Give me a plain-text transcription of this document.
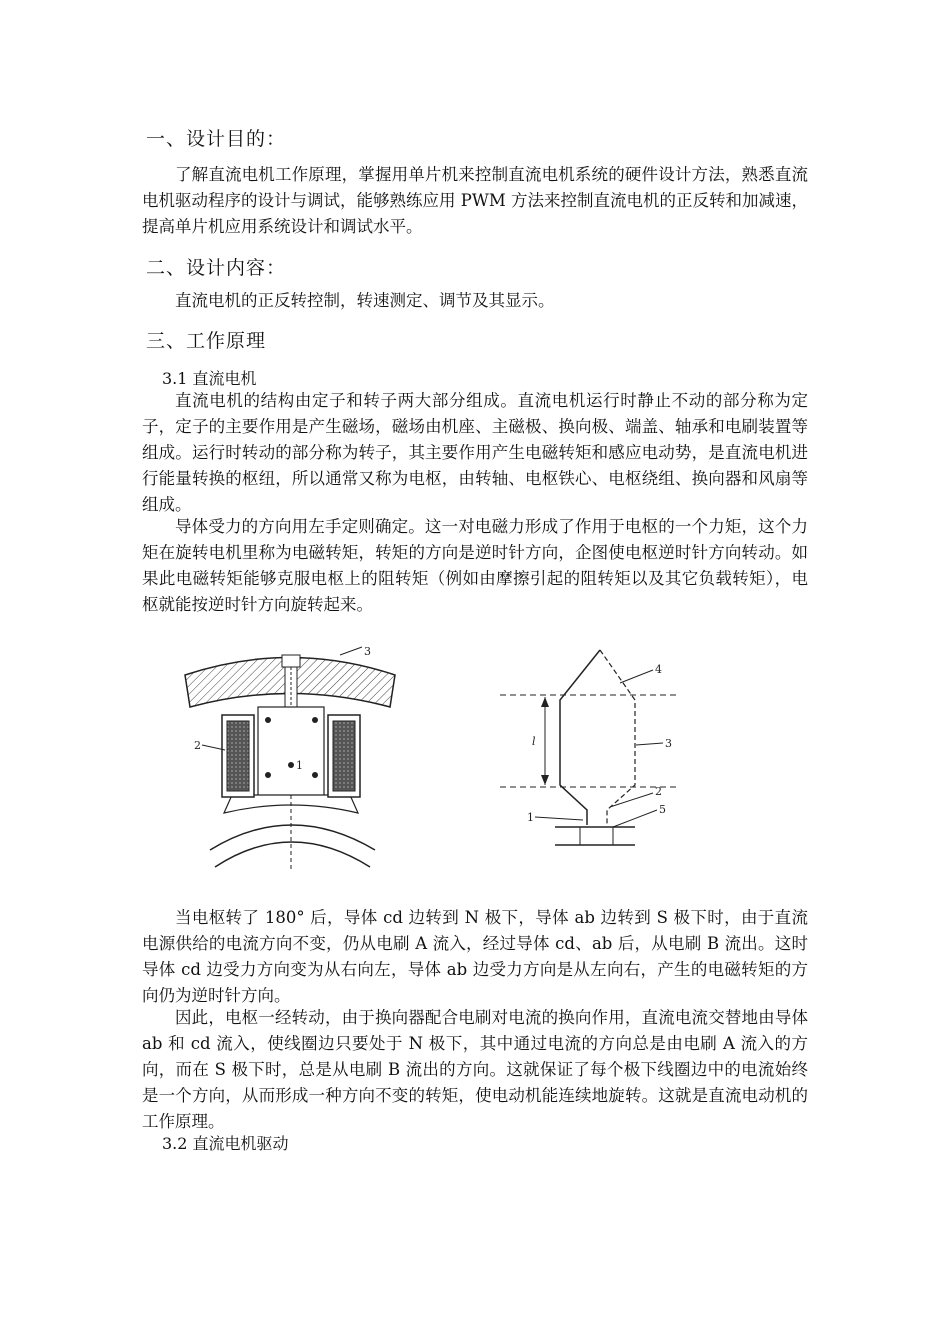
一、设计目的：

了解直流电机工作原理，掌握用单片机来控制直流电机系统的硬件设计方法，熟悉直流电机驱动程序的设计与调试，能够熟练应用 PWM 方法来控制直流电机的正反转和加减速，提高单片机应用系统设计和调试水平。

二、设计内容：

直流电机的正反转控制，转速测定、调节及其显示。

三、工作原理
3.1 直流电机

直流电机的结构由定子和转子两大部分组成。直流电机运行时静止不动的部分称为定子，定子的主要作用是产生磁场，磁场由机座、主磁极、换向极、端盖、轴承和电刷装置等组成。运行时转动的部分称为转子，其主要作用产生电磁转矩和感应电动势，是直流电机进行能量转换的枢纽，所以通常又称为电枢，由转轴、电枢铁心、电枢绕组、换向器和风扇等组成。

导体受力的方向用左手定则确定。这一对电磁力形成了作用于电枢的一个力矩，这个力矩在旋转电机里称为电磁转矩，转矩的方向是逆时针方向，企图使电枢逆时针方向转动。如果此电磁转矩能够克服电枢上的阻转矩（例如由摩擦引起的阻转矩以及其它负载转矩），电枢就能按逆时针方向旋转起来。

3
2
1
4
3
l
2
5
1

当电枢转了 180° 后，导体 cd 边转到 N 极下，导体 ab 边转到 S 极下时，由于直流电源供给的电流方向不变，仍从电刷 A 流入，经过导体 cd、ab 后，从电刷 B 流出。这时导体 cd 边受力方向变为从右向左，导体 ab 边受力方向是从左向右，产生的电磁转矩的方向仍为逆时针方向。

因此，电枢一经转动，由于换向器配合电刷对电流的换向作用，直流电流交替地由导体 ab 和 cd 流入，使线圈边只要处于 N 极下，其中通过电流的方向总是由电刷 A 流入的方向，而在 S 极下时，总是从电刷 B 流出的方向。这就保证了每个极下线圈边中的电流始终是一个方向，从而形成一种方向不变的转矩，使电动机能连续地旋转。这就是直流电动机的工作原理。

3.2 直流电机驱动
